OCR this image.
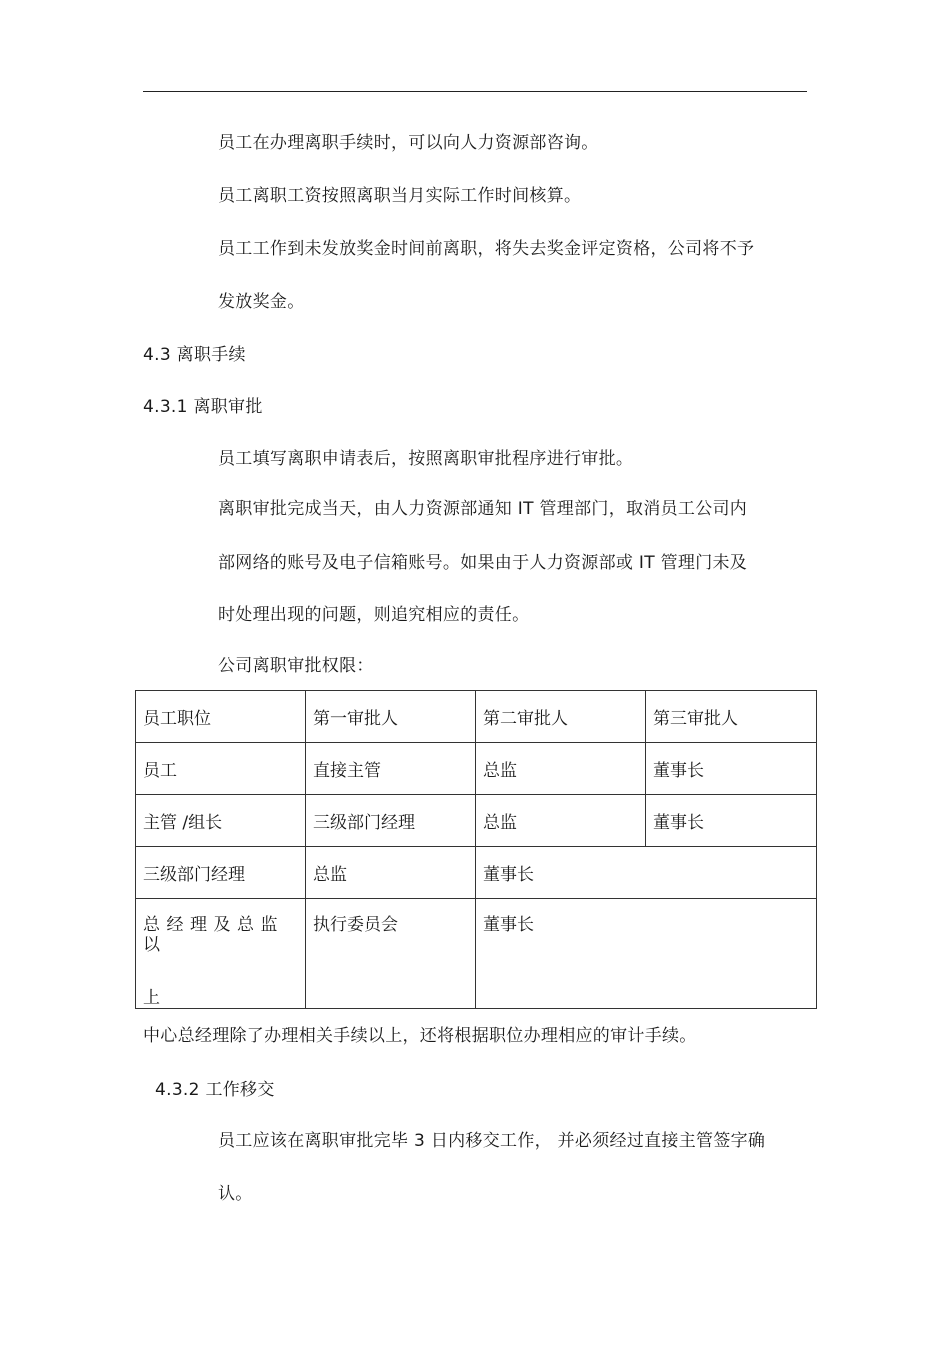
员工在办理离职手续时，可以向人力资源部咨询。
员工离职工资按照离职当月实际工作时间核算。
员工工作到未发放奖金时间前离职，将失去奖金评定资格，公司将不予
发放奖金。
4.3 离职手续
4.3.1 离职审批
员工填写离职申请表后，按照离职审批程序进行审批。
离职审批完成当天，由人力资源部通知 IT 管理部门，取消员工公司内
部网络的账号及电子信箱账号。如果由于人力资源部或 IT 管理门未及
时处理出现的问题，则追究相应的责任。
公司离职审批权限：
员工职位	第一审批人	第二审批人	第三审批人
员工	直接主管	总监	董事长
主管 /组长	三级部门经理	总监	董事长
三级部门经理	总监	董事长	

总经理及总监以
上	执行委员会	董事长	
中心总经理除了办理相关手续以上，还将根据职位办理相应的审计手续。
4.3.2 工作移交
员工应该在离职审批完毕 3 日内移交工作， 并必须经过直接主管签字确
认。
